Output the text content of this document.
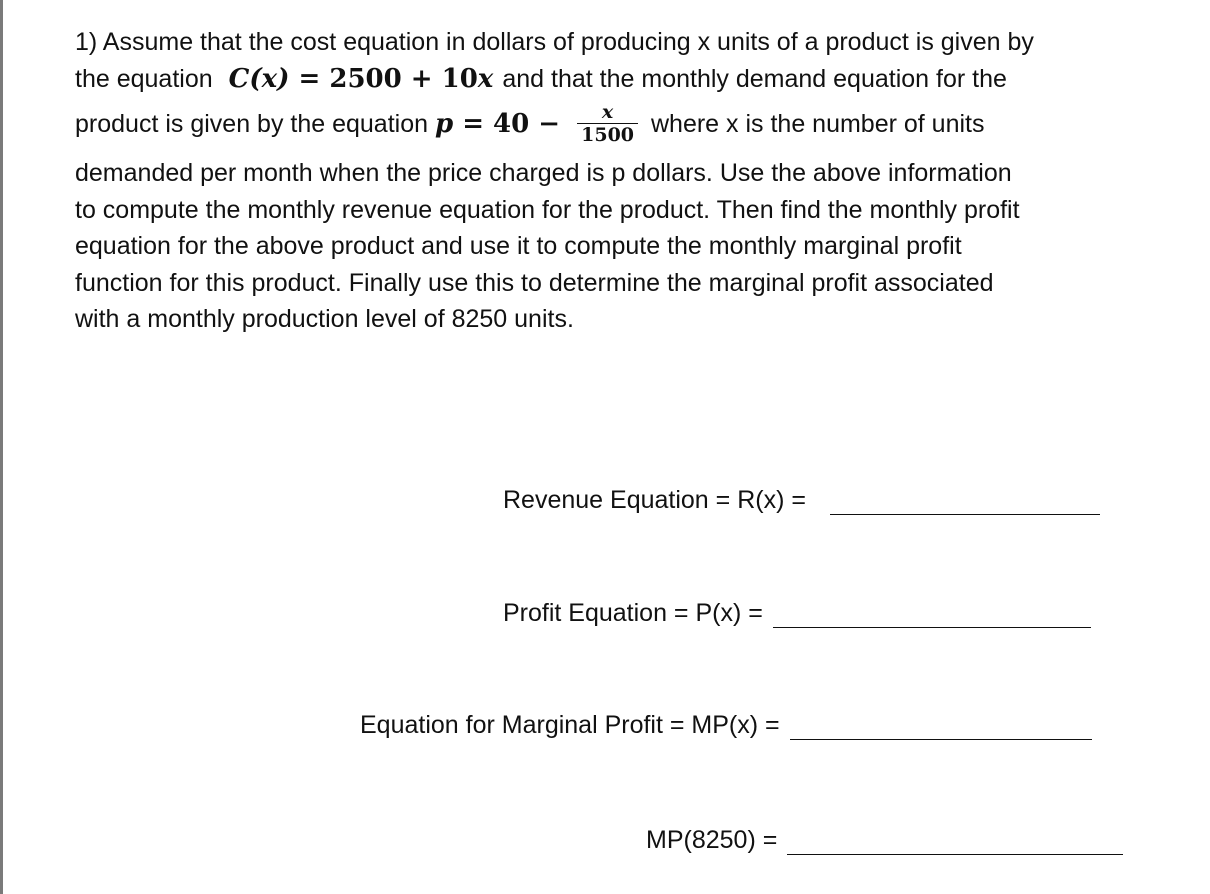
1) Assume that the cost equation in dollars of producing x units of a product is given by
the equation C(x) = 2500 + 10x and that the monthly demand equation for the
product is given by the equation $p = 40 - \frac{x}{1500}$ where x is the number of units
demanded per month when the price charged is p dollars. Use the above information
to compute the monthly revenue equation for the product. Then find the monthly profit
equation for the above product and use it to compute the monthly marginal profit
function for this product. Finally use this to determine the marginal profit associated
with a monthly production level of 8250 units.
Revenue Equation = R(x) =
Profit Equation = P(x) =
Equation for Marginal Profit = MP(x) =
MP(8250) =
